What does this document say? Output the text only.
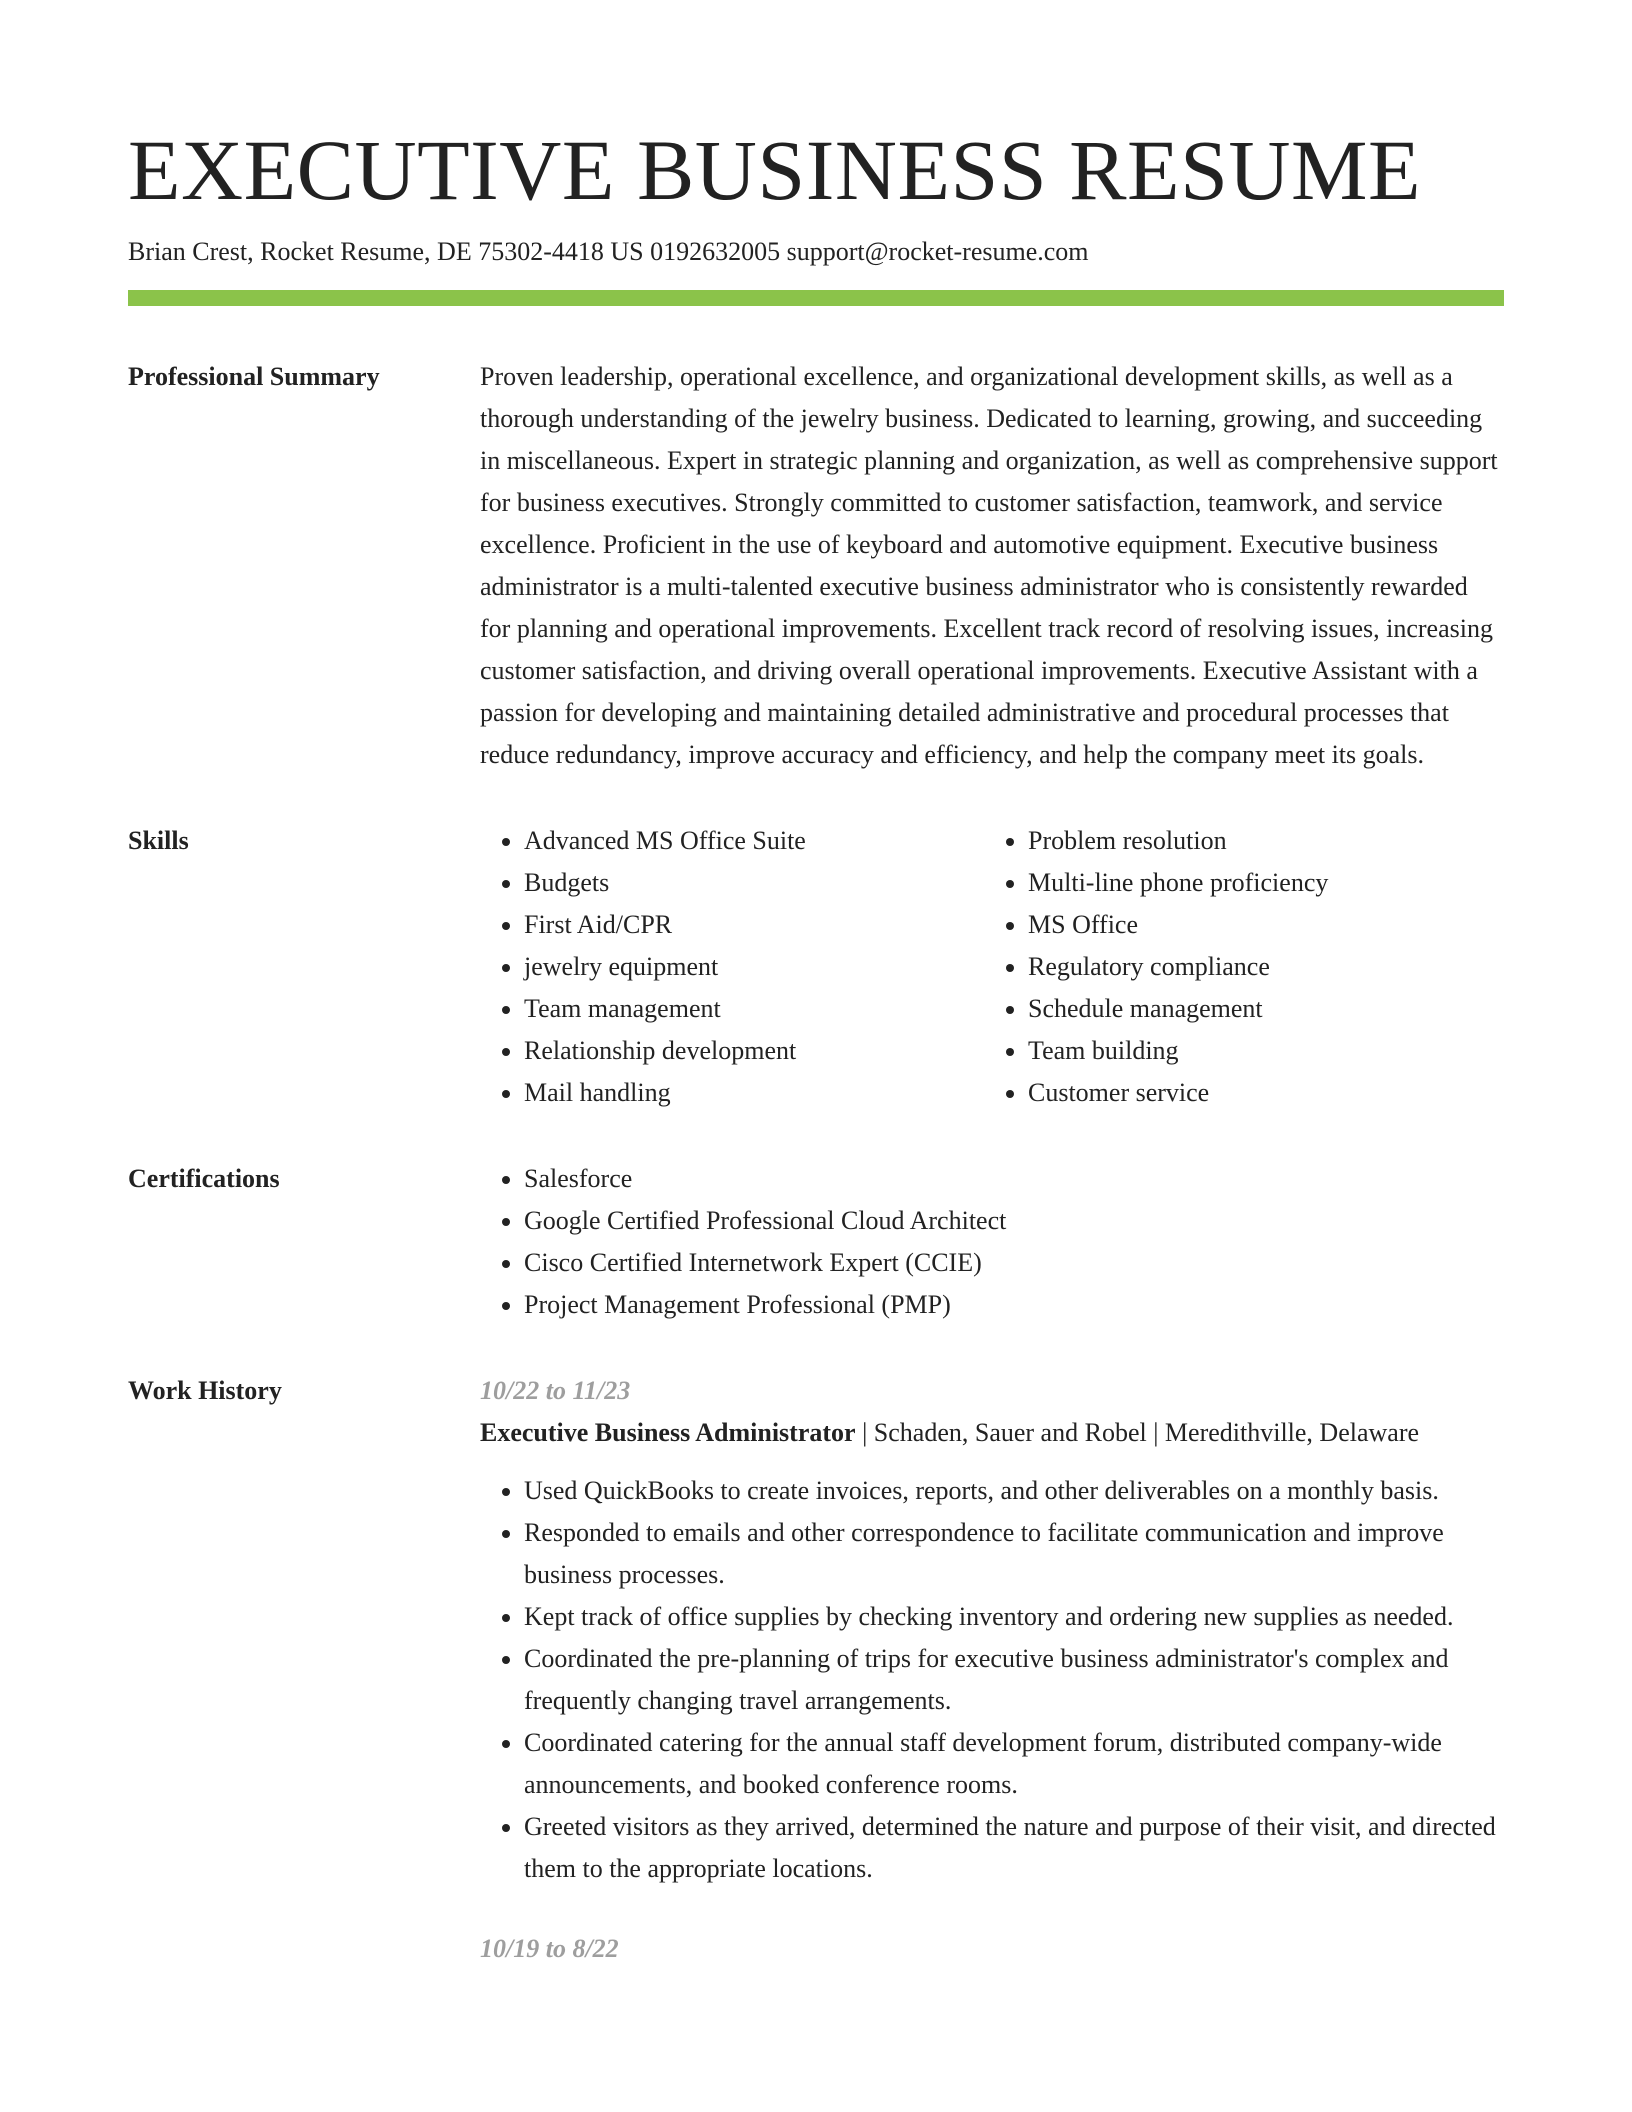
EXECUTIVE BUSINESS RESUME
Brian Crest, Rocket Resume, DE 75302-4418 US 0192632005 support@rocket-resume.com
Professional Summary	Proven leadership, operational excellence, and organizational development skills, as well as a thorough understanding of the jewelry business. Dedicated to learning, growing, and succeeding in miscellaneous. Expert in strategic planning and organization, as well as comprehensive support for business executives. Strongly committed to customer satisfaction, teamwork, and service excellence. Proficient in the use of keyboard and automotive equipment. Executive business administrator is a multi-talented executive business administrator who is consistently rewarded for planning and operational improvements. Excellent track record of resolving issues, increasing customer satisfaction, and driving overall operational improvements. Executive Assistant with a passion for developing and maintaining detailed administrative and procedural processes that reduce redundancy, improve accuracy and efficiency, and help the company meet its goals.

Skills	• Advanced MS Office Suite
• Budgets
• First Aid/CPR
• jewelry equipment
• Team management
• Relationship development
• Mail handling
• Problem resolution
• Multi-line phone proficiency
• MS Office
• Regulatory compliance
• Schedule management
• Team building
• Customer service
Certifications	• Salesforce
• Google Certified Professional Cloud Architect
• Cisco Certified Internetwork Expert (CCIE)
• Project Management Professional (PMP)
Work History	10/22 to 11/23
Executive Business Administrator | Schaden, Sauer and Robel | Meredithville, Delaware
• Used QuickBooks to create invoices, reports, and other deliverables on a monthly basis.
• Responded to emails and other correspondence to facilitate communication and improve business processes.
• Kept track of office supplies by checking inventory and ordering new supplies as needed.
• Coordinated the pre-planning of trips for executive business administrator's complex and frequently changing travel arrangements.
• Coordinated catering for the annual staff development forum, distributed company-wide announcements, and booked conference rooms.
• Greeted visitors as they arrived, determined the nature and purpose of their visit, and directed them to the appropriate locations.
10/19 to 8/22
